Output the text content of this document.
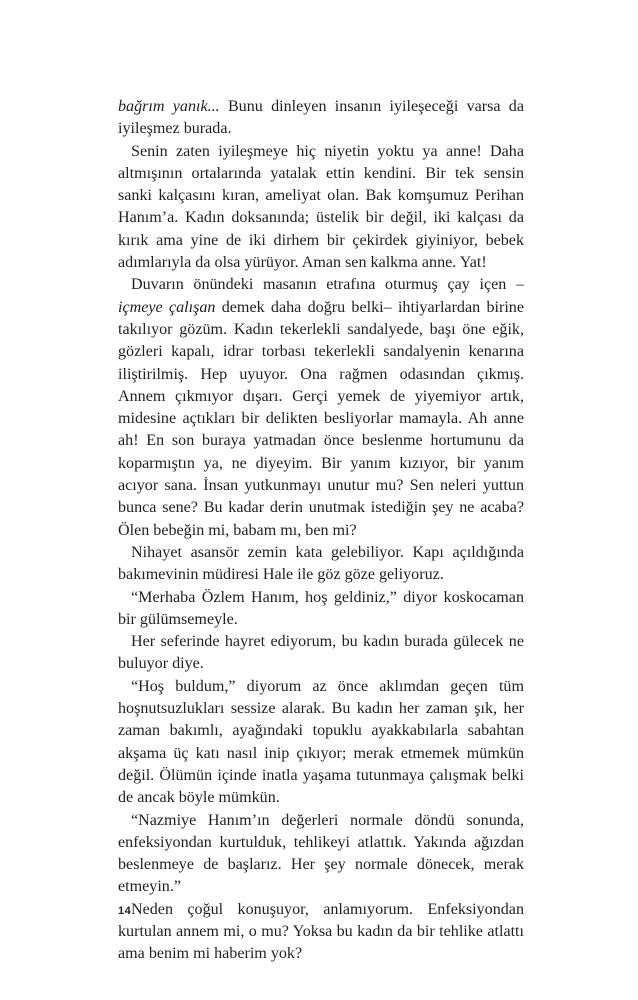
bağrım yanık... Bunu dinleyen insanın iyileşeceği varsa da iyileşmez burada.

Senin zaten iyileşmeye hiç niyetin yoktu ya anne! Daha altmışının ortalarında yatalak ettin kendini. Bir tek sensin sanki kalçasını kıran, ameliyat olan. Bak komşumuz Perihan Hanım’a. Kadın doksanında; üstelik bir değil, iki kalçası da kırık ama yine de iki dirhem bir çekirdek giyiniyor, bebek adımlarıyla da olsa yürüyor. Aman sen kalkma anne. Yat!

Duvarın önündeki masanın etrafına oturmuş çay içen –içmeye çalışan demek daha doğru belki– ihtiyarlardan birine takılıyor gözüm. Kadın tekerlekli sandalyede, başı öne eğik, gözleri kapalı, idrar torbası tekerlekli sandalyenin kenarına iliştirilmiş. Hep uyuyor. Ona rağmen odasından çıkmış. Annem çıkmıyor dışarı. Gerçi yemek de yiyemiyor artık, midesine açtıkları bir delikten besliyorlar mamayla. Ah anne ah! En son buraya yatmadan önce beslenme hortumunu da koparmıştın ya, ne diyeyim. Bir yanım kızıyor, bir yanım acıyor sana. İnsan yutkunmayı unutur mu? Sen neleri yuttun bunca sene? Bu kadar derin unutmak istediğin şey ne acaba? Ölen bebeğin mi, babam mı, ben mi?

Nihayet asansör zemin kata gelebiliyor. Kapı açıldığında bakımevinin müdiresi Hale ile göz göze geliyoruz.

“Merhaba Özlem Hanım, hoş geldiniz,” diyor koskocaman bir gülümsemeyle.

Her seferinde hayret ediyorum, bu kadın burada gülecek ne buluyor diye.

“Hoş buldum,” diyorum az önce aklımdan geçen tüm hoşnutsuzlukları sessize alarak. Bu kadın her zaman şık, her zaman bakımlı, ayağındaki topuklu ayakkabılarla sabahtan akşama üç katı nasıl inip çıkıyor; merak etmemek mümkün değil. Ölümün içinde inatla yaşama tutunmaya çalışmak belki de ancak böyle mümkün.

“Nazmiye Hanım’ın değerleri normale döndü sonunda, enfeksiyondan kurtulduk, tehlikeyi atlattık. Yakında ağızdan beslenmeye de başlarız. Her şey normale dönecek, merak etmeyin.”

Neden çoğul konuşuyor, anlamıyorum. Enfeksiyondan kurtulan annem mi, o mu? Yoksa bu kadın da bir tehlike atlattı ama benim mi haberim yok?

14
